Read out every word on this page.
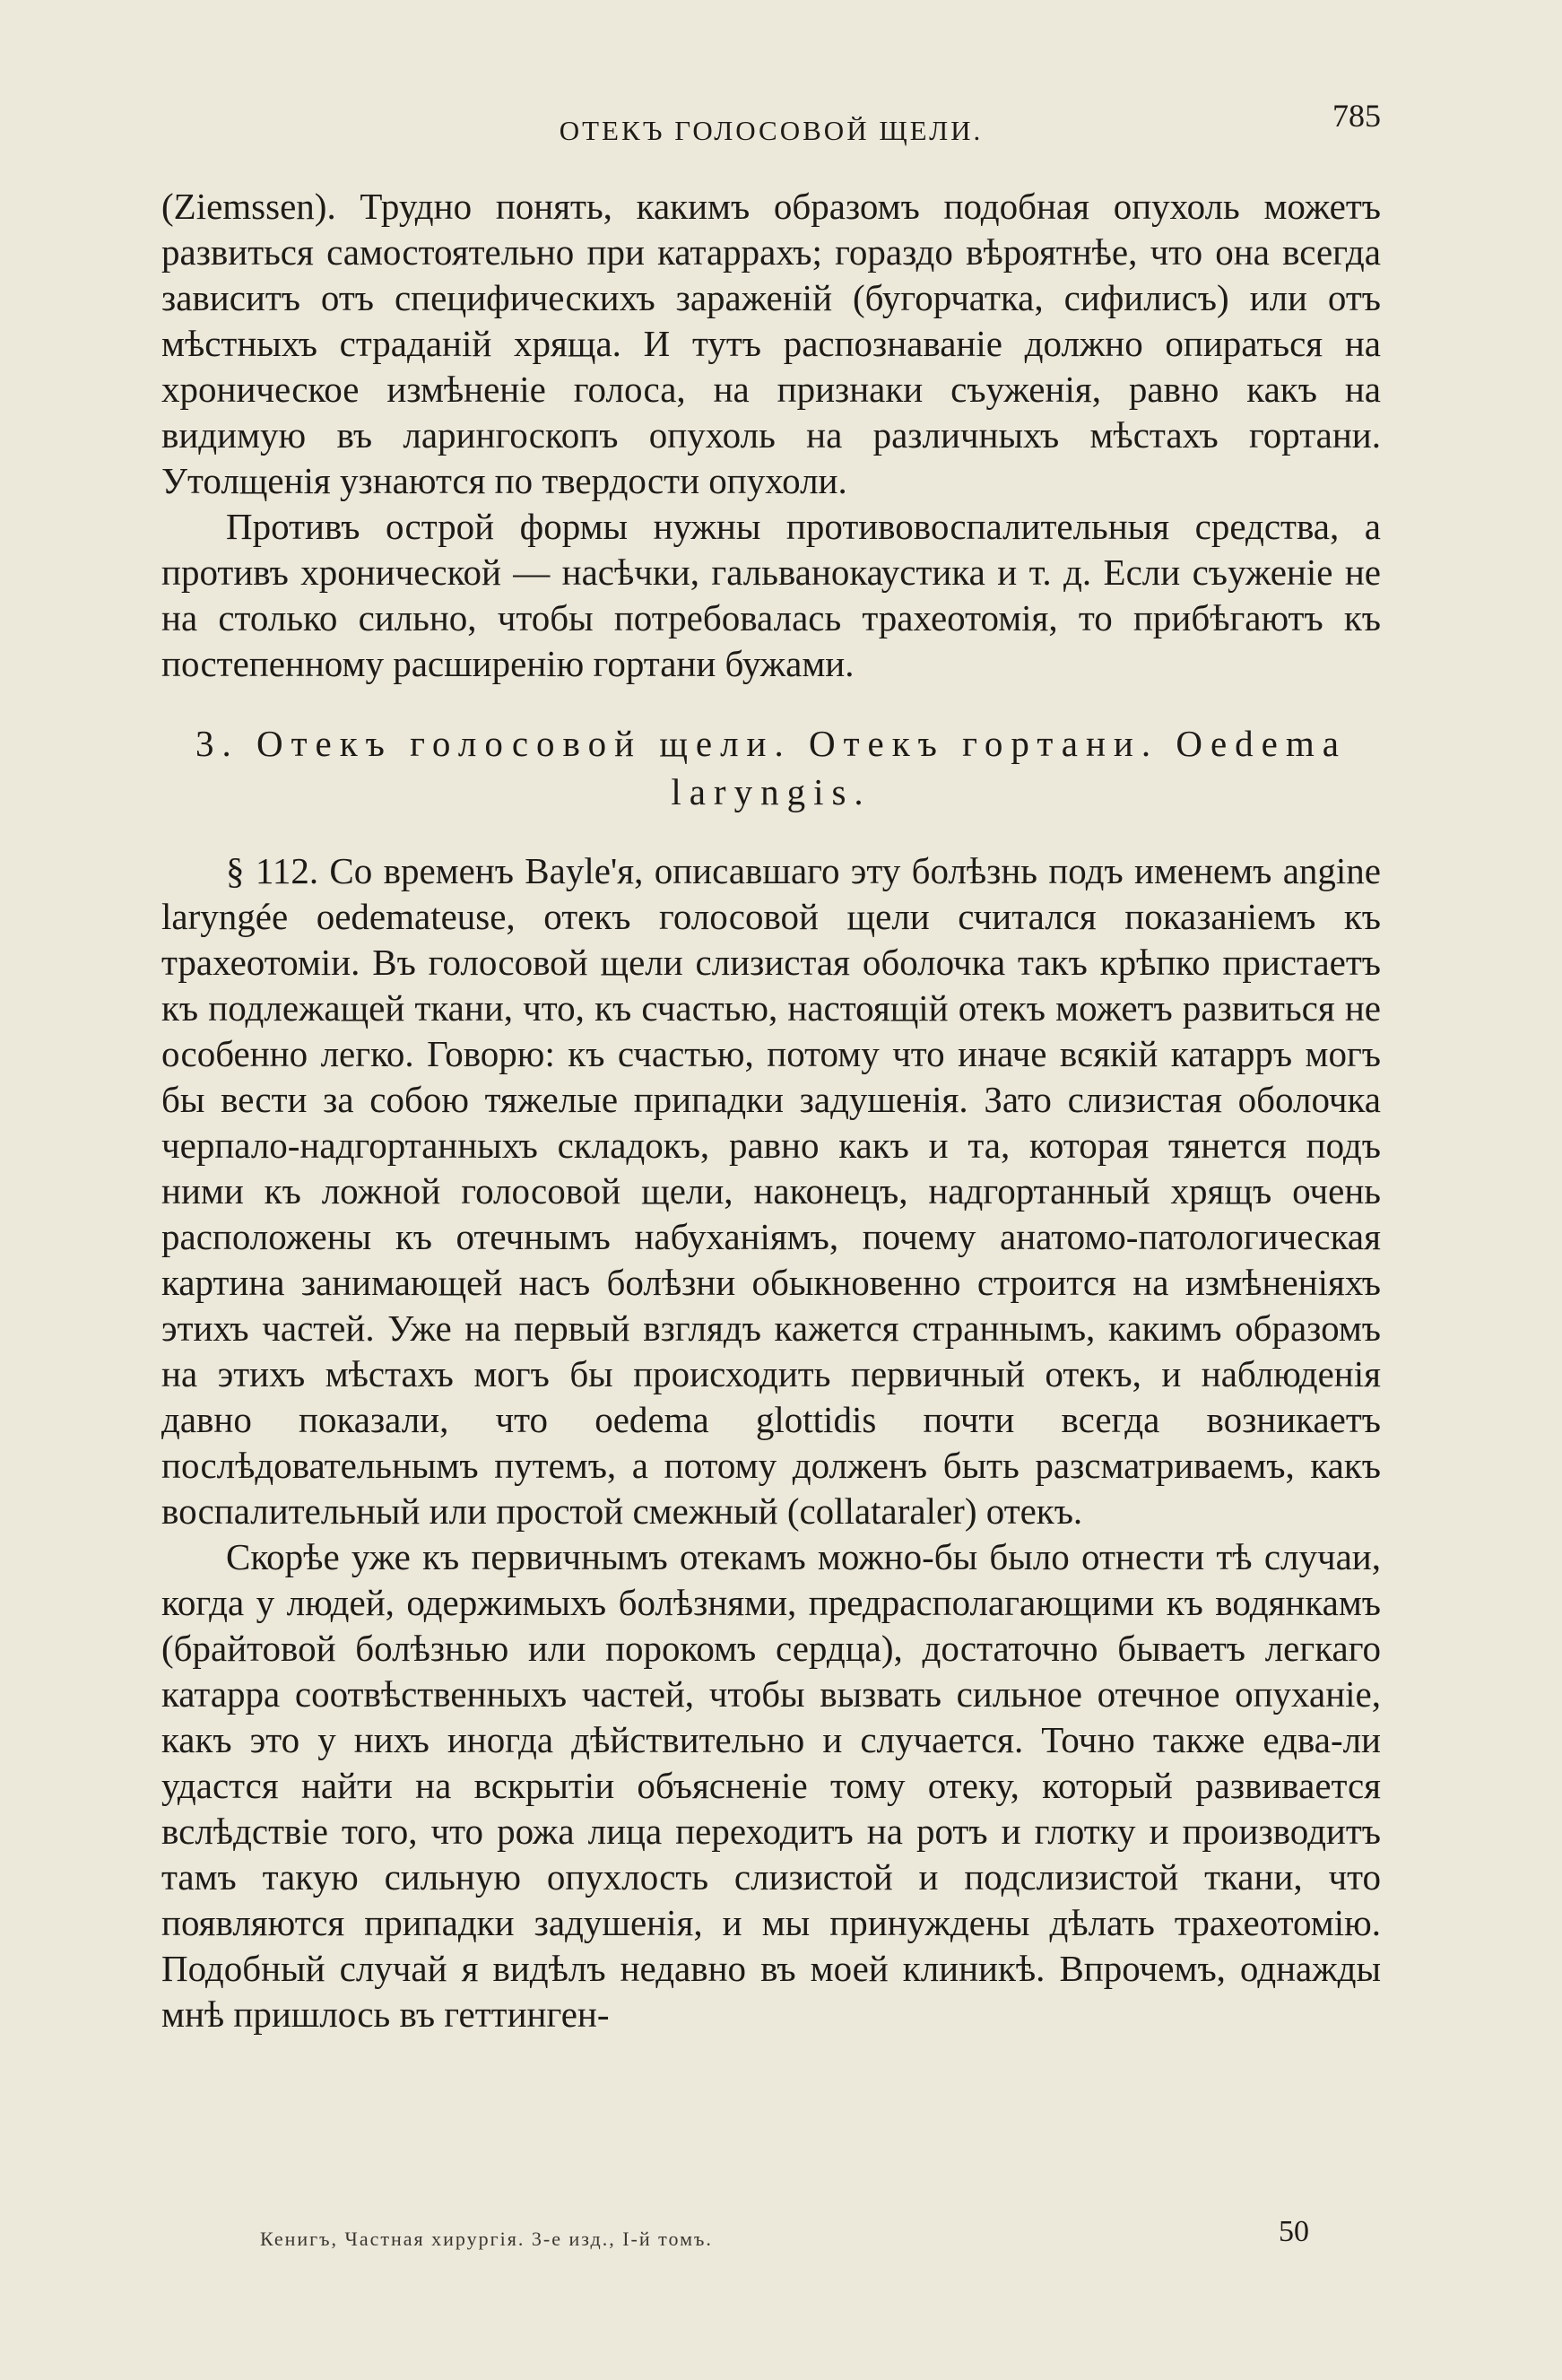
ОТЕКЪ ГОЛОСОВОЙ ЩЕЛИ.	785

(Ziemssen). Трудно понять, какимъ образомъ подобная опухоль можетъ развиться самостоятельно при катаррахъ; гораздо вѣроятнѣе, что она всегда зависитъ отъ специфическихъ зараженій (бугорчатка, сифилисъ) или отъ мѣстныхъ страданій хряща. И тутъ распознаваніе должно опираться на хроническое измѣненіе голоса, на признаки съуженія, равно какъ на видимую въ ларингоскопъ опухоль на различныхъ мѣстахъ гортани. Утолщенія узнаются по твердости опухоли.

Противъ острой формы нужны противовоспалительныя средства, а противъ хронической — насѣчки, гальванокаустика и т. д. Если съуженіе не на столько сильно, чтобы потребовалась трахеотомія, то прибѣгаютъ къ постепенному расширенію гортани бужами.

3. Отекъ голосовой щели. Отекъ гортани. Oedema
laryngis.

§ 112. Со временъ Bayle'я, описавшаго эту болѣзнь подъ именемъ angine laryngée oedemateuse, отекъ голосовой щели считался показаніемъ къ трахеотоміи. Въ голосовой щели слизистая оболочка такъ крѣпко пристаетъ къ подлежащей ткани, что, къ счастью, настоящій отекъ можетъ развиться не особенно легко. Говорю: къ счастью, потому что иначе всякій катарръ могъ бы вести за собою тяжелые припадки задушенія. Зато слизистая оболочка черпало-надгортанныхъ складокъ, равно какъ и та, которая тянется подъ ними къ ложной голосовой щели, наконецъ, надгортанный хрящъ очень расположены къ отечнымъ набуханіямъ, почему анатомо-патологическая картина занимающей насъ болѣзни обыкновенно строится на измѣненіяхъ этихъ частей. Уже на первый взглядъ кажется страннымъ, какимъ образомъ на этихъ мѣстахъ могъ бы происходить первичный отекъ, и наблюденія давно показали, что oedema glottidis почти всегда возникаетъ послѣдовательнымъ путемъ, а потому долженъ быть разсматриваемъ, какъ воспалительный или простой смежный (collataraler) отекъ.

Скорѣе уже къ первичнымъ отекамъ можно-бы было отнести тѣ случаи, когда у людей, одержимыхъ болѣзнями, предрасполагающими къ водянкамъ (брайтовой болѣзнью или порокомъ сердца), достаточно бываетъ легкаго катарра соотвѣственныхъ частей, чтобы вызвать сильное отечное опуханіе, какъ это у нихъ иногда дѣйствительно и случается. Точно также едва-ли удастся найти на вскрытіи объясненіе тому отеку, который развивается вслѣдствіе того, что рожа лица переходитъ на ротъ и глотку и производитъ тамъ такую сильную опухлость слизистой и подслизистой ткани, что появляются припадки задушенія, и мы принуждены дѣлать трахеотомію. Подобный случай я видѣлъ недавно въ моей клиникѣ. Впрочемъ, однажды мнѣ пришлось въ геттинген-

Кенигъ, Частная хирургія. 3-е изд., I-й томъ.	50
